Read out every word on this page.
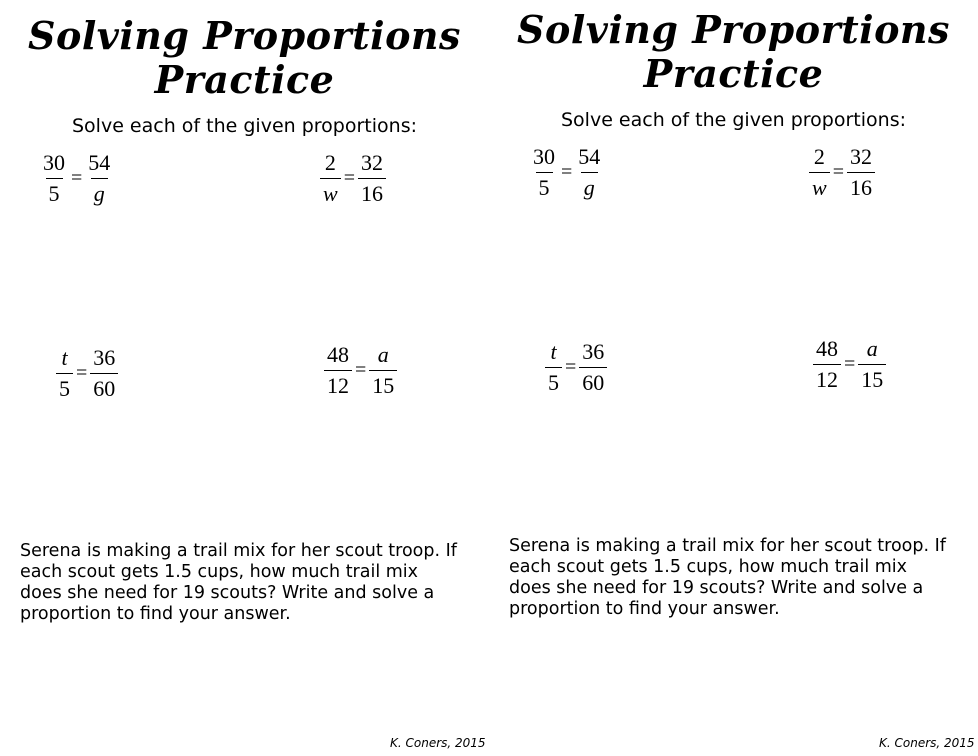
Solving Proportions
Practice
Solve each of the given proportions:
$\frac{30}{5} = \frac{54}{g}$	$\frac{2}{w} = \frac{32}{16}$
$\frac{t}{5} = \frac{36}{60}$	$\frac{48}{12} = \frac{a}{15}$
Serena is making a trail mix for her scout troop. If each scout gets 1.5 cups, how much trail mix does she need for 19 scouts? Write and solve a proportion to find your answer.
K. Coners, 2015
Solving Proportions
Practice
Solve each of the given proportions:
$\frac{30}{5} = \frac{54}{g}$	$\frac{2}{w} = \frac{32}{16}$
$\frac{t}{5} = \frac{36}{60}$	$\frac{48}{12} = \frac{a}{15}$
Serena is making a trail mix for her scout troop. If each scout gets 1.5 cups, how much trail mix does she need for 19 scouts? Write and solve a proportion to find your answer.
K. Coners, 2015
